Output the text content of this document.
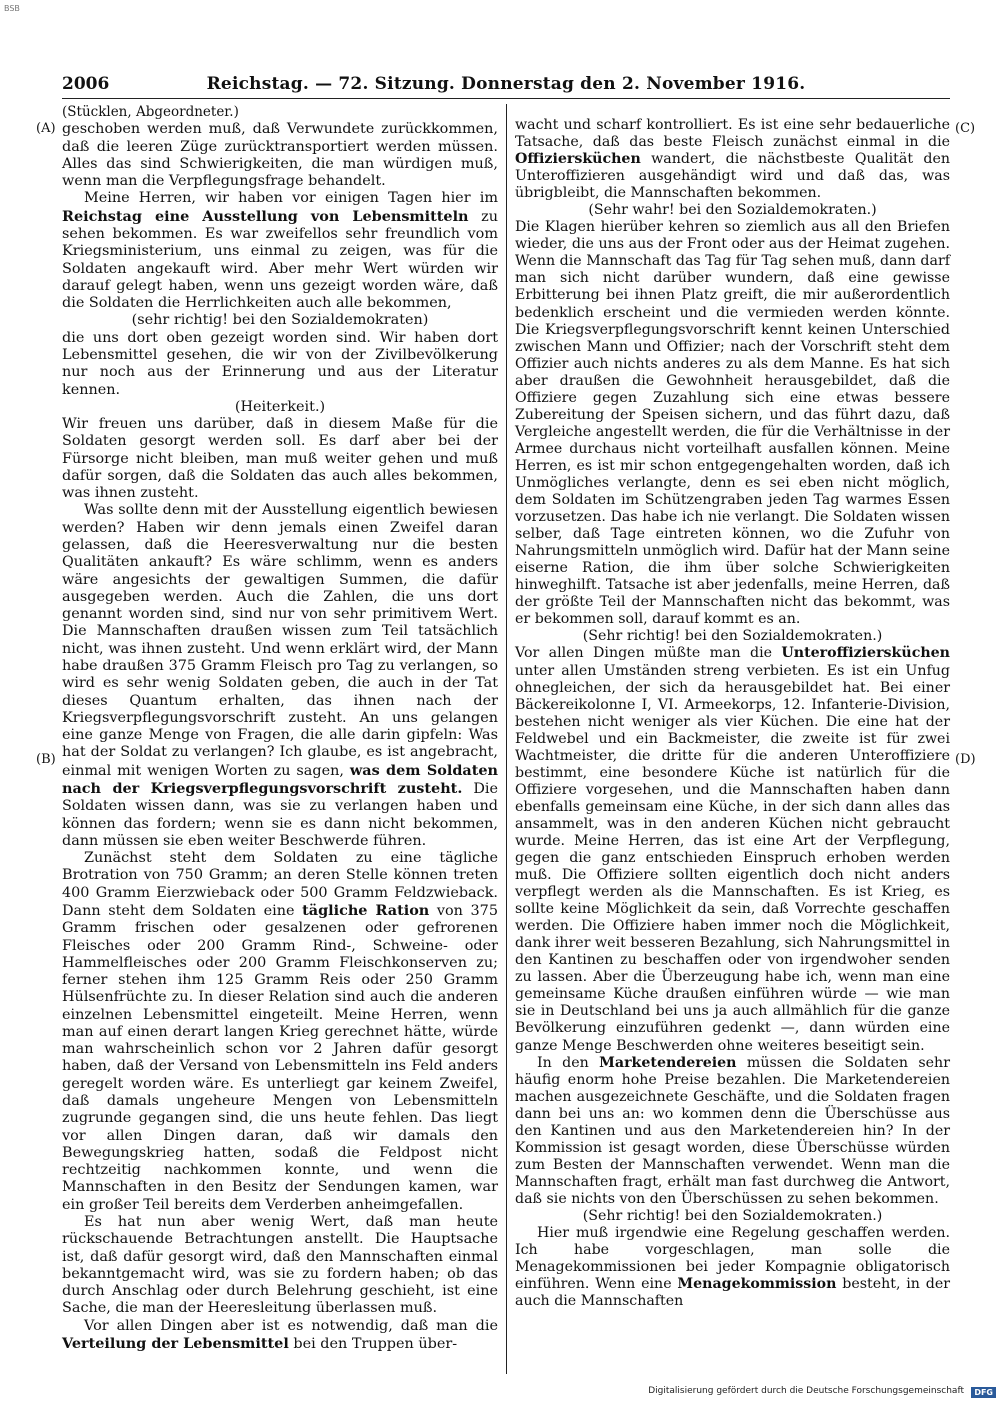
BSB
2006	Reichstag. — 72. Sitzung. Donnerstag den 2. November 1916.
(A)
(B)
(C)
(D)

(Stücklen, Abgeordneter.)

geschoben werden muß, daß Verwundete zurückkommen, daß die leeren Züge zurücktransportiert werden müssen. Alles das sind Schwierigkeiten, die man würdigen muß, wenn man die Verpflegungsfrage behandelt.

Meine Herren, wir haben vor einigen Tagen hier im Reichstag eine Ausstellung von Lebensmitteln zu sehen bekommen. Es war zweifellos sehr freundlich vom Kriegsministerium, uns einmal zu zeigen, was für die Soldaten angekauft wird. Aber mehr Wert würden wir darauf gelegt haben, wenn uns gezeigt worden wäre, daß die Soldaten die Herrlichkeiten auch alle bekommen,

(sehr richtig! bei den Sozialdemokraten)

die uns dort oben gezeigt worden sind. Wir haben dort Lebensmittel gesehen, die wir von der Zivilbevölkerung nur noch aus der Erinnerung und aus der Literatur kennen.

(Heiterkeit.)

Wir freuen uns darüber, daß in diesem Maße für die Soldaten gesorgt werden soll. Es darf aber bei der Fürsorge nicht bleiben, man muß weiter gehen und muß dafür sorgen, daß die Soldaten das auch alles bekommen, was ihnen zusteht.

Was sollte denn mit der Ausstellung eigentlich bewiesen werden? Haben wir denn jemals einen Zweifel daran gelassen, daß die Heeresverwaltung nur die besten Qualitäten ankauft? Es wäre schlimm, wenn es anders wäre angesichts der gewaltigen Summen, die dafür ausgegeben werden. Auch die Zahlen, die uns dort genannt worden sind, sind nur von sehr primitivem Wert. Die Mannschaften draußen wissen zum Teil tatsächlich nicht, was ihnen zusteht. Und wenn erklärt wird, der Mann habe draußen 375 Gramm Fleisch pro Tag zu verlangen, so wird es sehr wenig Soldaten geben, die auch in der Tat dieses Quantum erhalten, das ihnen nach der Kriegsverpflegungsvorschrift zusteht. An uns gelangen eine ganze Menge von Fragen, die alle darin gipfeln: Was hat der Soldat zu verlangen? Ich glaube, es ist angebracht, einmal mit wenigen Worten zu sagen, was dem Soldaten nach der Kriegsverpflegungsvorschrift zusteht. Die Soldaten wissen dann, was sie zu verlangen haben und können das fordern; wenn sie es dann nicht bekommen, dann müssen sie eben weiter Beschwerde führen.

Zunächst steht dem Soldaten zu eine tägliche Brotration von 750 Gramm; an deren Stelle können treten 400 Gramm Eierzwieback oder 500 Gramm Feldzwieback. Dann steht dem Soldaten eine tägliche Ration von 375 Gramm frischen oder gesalzenen oder gefrorenen Fleisches oder 200 Gramm Rind-, Schweine- oder Hammelfleisches oder 200 Gramm Fleischkonserven zu; ferner stehen ihm 125 Gramm Reis oder 250 Gramm Hülsenfrüchte zu. In dieser Relation sind auch die anderen einzelnen Lebensmittel eingeteilt. Meine Herren, wenn man auf einen derart langen Krieg gerechnet hätte, würde man wahrscheinlich schon vor 2 Jahren dafür gesorgt haben, daß der Versand von Lebensmitteln ins Feld anders geregelt worden wäre. Es unterliegt gar keinem Zweifel, daß damals ungeheure Mengen von Lebensmitteln zugrunde gegangen sind, die uns heute fehlen. Das liegt vor allen Dingen daran, daß wir damals den Bewegungskrieg hatten, sodaß die Feldpost nicht rechtzeitig nachkommen konnte, und wenn die Mannschaften in den Besitz der Sendungen kamen, war ein großer Teil bereits dem Verderben anheimgefallen.

Es hat nun aber wenig Wert, daß man heute rückschauende Betrachtungen anstellt. Die Hauptsache ist, daß dafür gesorgt wird, daß den Mannschaften einmal bekanntgemacht wird, was sie zu fordern haben; ob das durch Anschlag oder durch Belehrung geschieht, ist eine Sache, die man der Heeresleitung überlassen muß.

Vor allen Dingen aber ist es notwendig, daß man die Verteilung der Lebensmittel bei den Truppen über-

wacht und scharf kontrolliert. Es ist eine sehr bedauerliche Tatsache, daß das beste Fleisch zunächst einmal in die Offiziersküchen wandert, die nächstbeste Qualität den Unteroffizieren ausgehändigt wird und daß das, was übrigbleibt, die Mannschaften bekommen.

(Sehr wahr! bei den Sozialdemokraten.)

Die Klagen hierüber kehren so ziemlich aus all den Briefen wieder, die uns aus der Front oder aus der Heimat zugehen. Wenn die Mannschaft das Tag für Tag sehen muß, dann darf man sich nicht darüber wundern, daß eine gewisse Erbitterung bei ihnen Platz greift, die mir außerordentlich bedenklich erscheint und die vermieden werden könnte. Die Kriegsverpflegungsvorschrift kennt keinen Unterschied zwischen Mann und Offizier; nach der Vorschrift steht dem Offizier auch nichts anderes zu als dem Manne. Es hat sich aber draußen die Gewohnheit herausgebildet, daß die Offiziere gegen Zuzahlung sich eine etwas bessere Zubereitung der Speisen sichern, und das führt dazu, daß Vergleiche angestellt werden, die für die Verhältnisse in der Armee durchaus nicht vorteilhaft ausfallen können. Meine Herren, es ist mir schon entgegengehalten worden, daß ich Unmögliches verlangte, denn es sei eben nicht möglich, dem Soldaten im Schützengraben jeden Tag warmes Essen vorzusetzen. Das habe ich nie verlangt. Die Soldaten wissen selber, daß Tage eintreten können, wo die Zufuhr von Nahrungsmitteln unmöglich wird. Dafür hat der Mann seine eiserne Ration, die ihm über solche Schwierigkeiten hinweghilft. Tatsache ist aber jedenfalls, meine Herren, daß der größte Teil der Mannschaften nicht das bekommt, was er bekommen soll, darauf kommt es an.

(Sehr richtig! bei den Sozialdemokraten.)

Vor allen Dingen müßte man die Unteroffiziersküchen unter allen Umständen streng verbieten. Es ist ein Unfug ohnegleichen, der sich da herausgebildet hat. Bei einer Bäckereikolonne I, VI. Armeekorps, 12. Infanterie-Division, bestehen nicht weniger als vier Küchen. Die eine hat der Feldwebel und ein Backmeister, die zweite ist für zwei Wachtmeister, die dritte für die anderen Unteroffiziere bestimmt, eine besondere Küche ist natürlich für die Offiziere vorgesehen, und die Mannschaften haben dann ebenfalls gemeinsam eine Küche, in der sich dann alles das ansammelt, was in den anderen Küchen nicht gebraucht wurde. Meine Herren, das ist eine Art der Verpflegung, gegen die ganz entschieden Einspruch erhoben werden muß. Die Offiziere sollten eigentlich doch nicht anders verpflegt werden als die Mannschaften. Es ist Krieg, es sollte keine Möglichkeit da sein, daß Vorrechte geschaffen werden. Die Offiziere haben immer noch die Möglichkeit, dank ihrer weit besseren Bezahlung, sich Nahrungsmittel in den Kantinen zu beschaffen oder von irgendwoher senden zu lassen. Aber die Überzeugung habe ich, wenn man eine gemeinsame Küche draußen einführen würde — wie man sie in Deutschland bei uns ja auch allmählich für die ganze Bevölkerung einzuführen gedenkt —, dann würden eine ganze Menge Beschwerden ohne weiteres beseitigt sein.

In den Marketendereien müssen die Soldaten sehr häufig enorm hohe Preise bezahlen. Die Marketendereien machen ausgezeichnete Geschäfte, und die Soldaten fragen dann bei uns an: wo kommen denn die Überschüsse aus den Kantinen und aus den Marketendereien hin? In der Kommission ist gesagt worden, diese Überschüsse würden zum Besten der Mannschaften verwendet. Wenn man die Mannschaften fragt, erhält man fast durchweg die Antwort, daß sie nichts von den Überschüssen zu sehen bekommen.

(Sehr richtig! bei den Sozialdemokraten.)

Hier muß irgendwie eine Regelung geschaffen werden. Ich habe vorgeschlagen, man solle die Menagekommissionen bei jeder Kompagnie obligatorisch einführen. Wenn eine Menagekommission besteht, in der auch die Mannschaften

Digitalisierung gefördert durch die Deutsche Forschungsgemeinschaft	DFG
